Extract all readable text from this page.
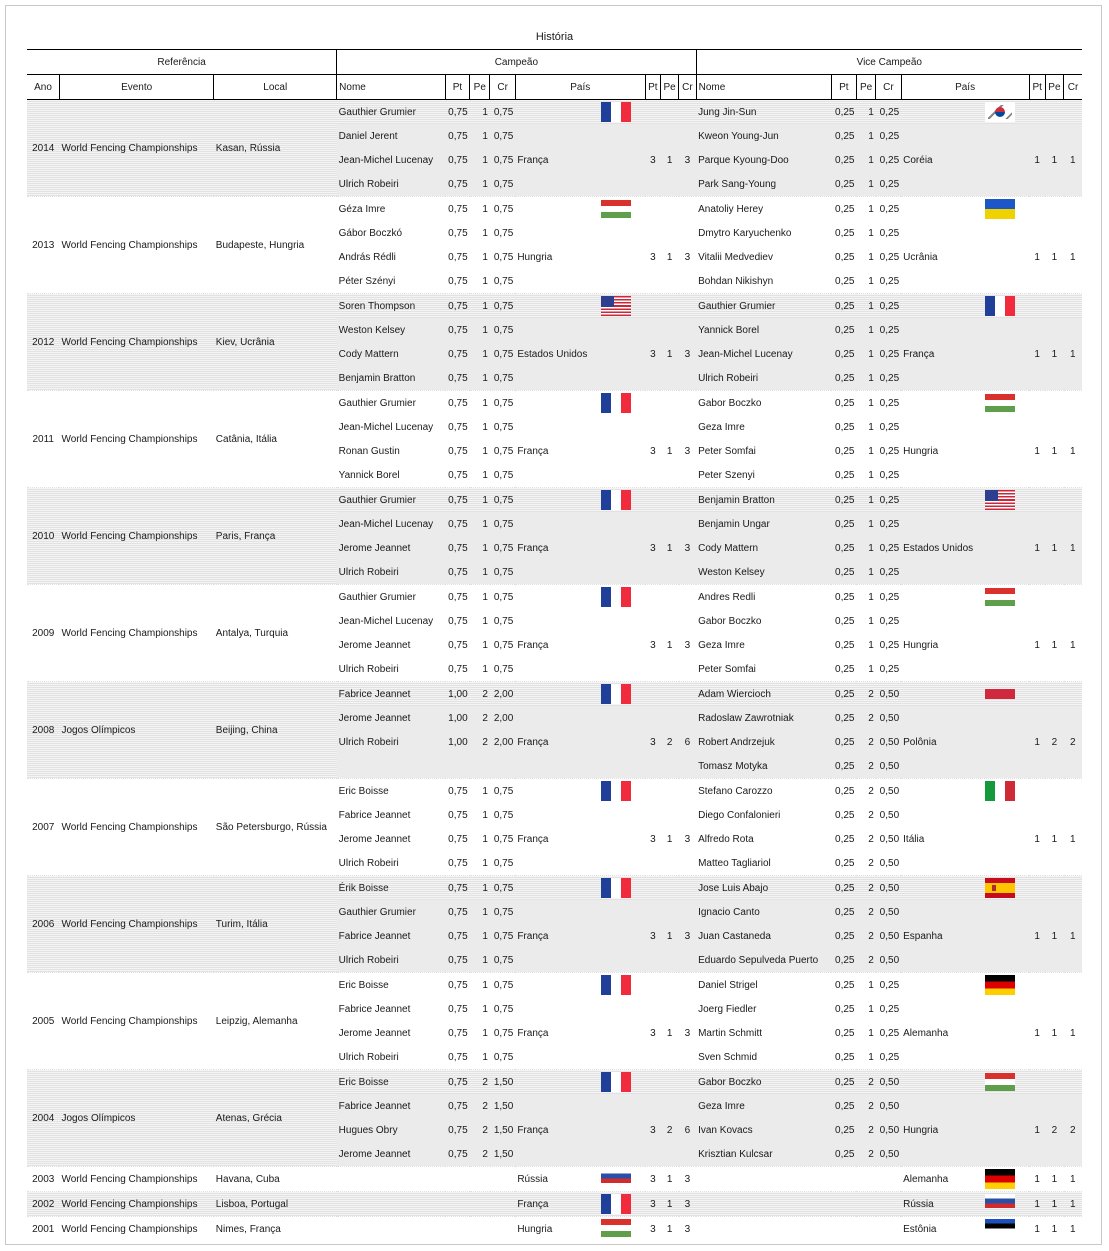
História
Referência			Campeão								Vice Campeão							
Ano	Evento	Local	Nome	Pt	Pe	Cr	País	Pt	Pe	Cr	Nome	Pt	Pe	Cr	País	Pt	Pe	Cr
2014	World Fencing Championships	Kasan, Rússia	Gauthier Grumier	0,75	1	0,75					Jung Jin-Sun	0,25	1	0,25				
			Daniel Jerent	0,75	1	0,75					Kweon Young-Jun	0,25	1	0,25				
			Jean-Michel Lucenay	0,75	1	0,75	França	3	1	3	Parque Kyoung-Doo	0,25	1	0,25	Coréia	1	1	1
			Ulrich Robeiri	0,75	1	0,75					Park Sang-Young	0,25	1	0,25				
2013	World Fencing Championships	Budapeste, Hungria	Géza Imre	0,75	1	0,75					Anatoliy Herey	0,25	1	0,25				
			Gábor Boczkó	0,75	1	0,75					Dmytro Karyuchenko	0,25	1	0,25				
			András Rédli	0,75	1	0,75	Hungria	3	1	3	Vitalii Medvediev	0,25	1	0,25	Ucrânia	1	1	1
			Péter Szényi	0,75	1	0,75					Bohdan Nikishyn	0,25	1	0,25				
2012	World Fencing Championships	Kiev, Ucrânia	Soren Thompson	0,75	1	0,75					Gauthier Grumier	0,25	1	0,25				
			Weston Kelsey	0,75	1	0,75					Yannick Borel	0,25	1	0,25				
			Cody Mattern	0,75	1	0,75	Estados Unidos	3	1	3	Jean-Michel Lucenay	0,25	1	0,25	França	1	1	1
			Benjamin Bratton	0,75	1	0,75					Ulrich Robeiri	0,25	1	0,25				
2011	World Fencing Championships	Catânia, Itália	Gauthier Grumier	0,75	1	0,75					Gabor Boczko	0,25	1	0,25				
			Jean-Michel Lucenay	0,75	1	0,75					Geza Imre	0,25	1	0,25				
			Ronan Gustin	0,75	1	0,75	França	3	1	3	Peter Somfai	0,25	1	0,25	Hungria	1	1	1
			Yannick Borel	0,75	1	0,75					Peter Szenyi	0,25	1	0,25				
2010	World Fencing Championships	Paris, França	Gauthier Grumier	0,75	1	0,75					Benjamin Bratton	0,25	1	0,25				
			Jean-Michel Lucenay	0,75	1	0,75					Benjamin Ungar	0,25	1	0,25				
			Jerome Jeannet	0,75	1	0,75	França	3	1	3	Cody Mattern	0,25	1	0,25	Estados Unidos	1	1	1
			Ulrich Robeiri	0,75	1	0,75					Weston Kelsey	0,25	1	0,25				
2009	World Fencing Championships	Antalya, Turquia	Gauthier Grumier	0,75	1	0,75					Andres Redli	0,25	1	0,25				
			Jean-Michel Lucenay	0,75	1	0,75					Gabor Boczko	0,25	1	0,25				
			Jerome Jeannet	0,75	1	0,75	França	3	1	3	Geza Imre	0,25	1	0,25	Hungria	1	1	1
			Ulrich Robeiri	0,75	1	0,75					Peter Somfai	0,25	1	0,25				
2008	Jogos Olímpicos	Beijing, China	Fabrice Jeannet	1,00	2	2,00					Adam Wiercioch	0,25	2	0,50				
			Jerome Jeannet	1,00	2	2,00					Radoslaw Zawrotniak	0,25	2	0,50				
			Ulrich Robeiri	1,00	2	2,00	França	3	2	6	Robert Andrzejuk	0,25	2	0,50	Polônia	1	2	2
											Tomasz Motyka	0,25	2	0,50				
2007	World Fencing Championships	São Petersburgo, Rússia	Eric Boisse	0,75	1	0,75					Stefano Carozzo	0,25	2	0,50				
			Fabrice Jeannet	0,75	1	0,75					Diego Confalonieri	0,25	2	0,50				
			Jerome Jeannet	0,75	1	0,75	França	3	1	3	Alfredo Rota	0,25	2	0,50	Itália	1	1	1
			Ulrich Robeiri	0,75	1	0,75					Matteo Tagliariol	0,25	2	0,50				
2006	World Fencing Championships	Turim, Itália	Érik Boisse	0,75	1	0,75					Jose Luis Abajo	0,25	2	0,50				
			Gauthier Grumier	0,75	1	0,75					Ignacio Canto	0,25	2	0,50				
			Fabrice Jeannet	0,75	1	0,75	França	3	1	3	Juan Castaneda	0,25	2	0,50	Espanha	1	1	1
			Ulrich Robeiri	0,75	1	0,75					Eduardo Sepulveda Puerto	0,25	2	0,50				
2005	World Fencing Championships	Leipzig, Alemanha	Eric Boisse	0,75	1	0,75					Daniel Strigel	0,25	1	0,25				
			Fabrice Jeannet	0,75	1	0,75					Joerg Fiedler	0,25	1	0,25				
			Jerome Jeannet	0,75	1	0,75	França	3	1	3	Martin Schmitt	0,25	1	0,25	Alemanha	1	1	1
			Ulrich Robeiri	0,75	1	0,75					Sven Schmid	0,25	1	0,25				
2004	Jogos Olímpicos	Atenas, Grécia	Eric Boisse	0,75	2	1,50					Gabor Boczko	0,25	2	0,50				
			Fabrice Jeannet	0,75	2	1,50					Geza Imre	0,25	2	0,50				
			Hugues Obry	0,75	2	1,50	França	3	2	6	Ivan Kovacs	0,25	2	0,50	Hungria	1	2	2
			Jerome Jeannet	0,75	2	1,50					Krisztian Kulcsar	0,25	2	0,50				
2003	World Fencing Championships	Havana, Cuba					Rússia	3	1	3					Alemanha	1	1	1
2002	World Fencing Championships	Lisboa, Portugal					França	3	1	3					Rússia	1	1	1
2001	World Fencing Championships	Nimes, França					Hungria	3	1	3					Estônia	1	1	1
